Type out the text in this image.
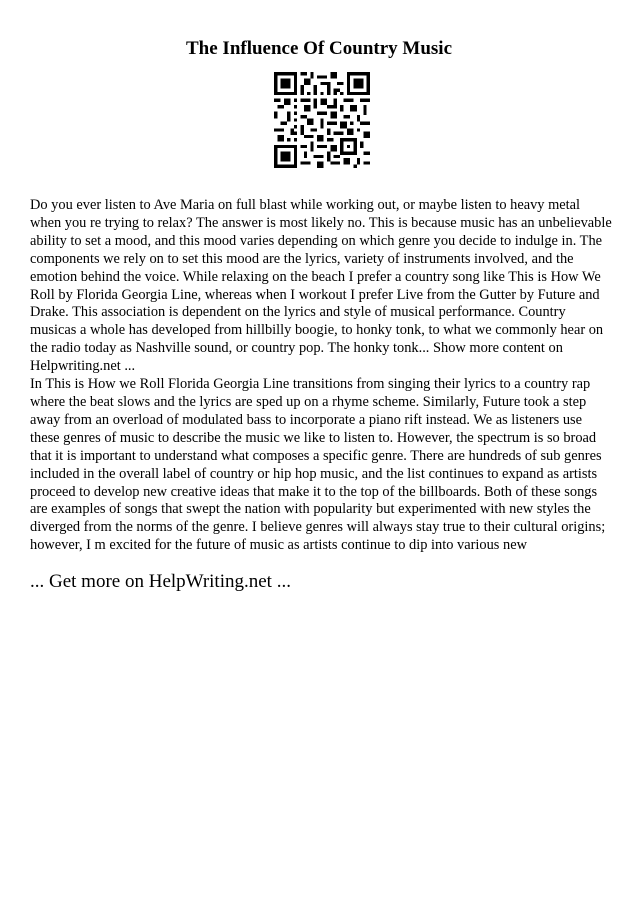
The Influence Of Country Music

Do you ever listen to Ave Maria on full blast while working out, or maybe listen to heavy metal when you re trying to relax? The answer is most likely no. This is because music has an unbelievable ability to set a mood, and this mood varies depending on which genre you decide to indulge in. The components we rely on to set this mood are the lyrics, variety of instruments involved, and the emotion behind the voice. While relaxing on the beach I prefer a country song like This is How We Roll by Florida Georgia Line, whereas when I workout I prefer Live from the Gutter by Future and Drake. This association is dependent on the lyrics and style of musical performance. Country musicas a whole has developed from hillbilly boogie, to honky tonk, to what we commonly hear on the radio today as Nashville sound, or country pop. The honky tonk... Show more content on Helpwriting.net ...

In This is How we Roll Florida Georgia Line transitions from singing their lyrics to a country rap where the beat slows and the lyrics are sped up on a rhyme scheme. Similarly, Future took a step away from an overload of modulated bass to incorporate a piano rift instead. We as listeners use these genres of music to describe the music we like to listen to. However, the spectrum is so broad that it is important to understand what composes a specific genre. There are hundreds of sub genres included in the overall label of country or hip hop music, and the list continues to expand as artists proceed to develop new creative ideas that make it to the top of the billboards. Both of these songs are examples of songs that swept the nation with popularity but experimented with new styles the diverged from the norms of the genre. I believe genres will always stay true to their cultural origins; however, I m excited for the future of music as artists continue to dip into various new

... Get more on HelpWriting.net ...
